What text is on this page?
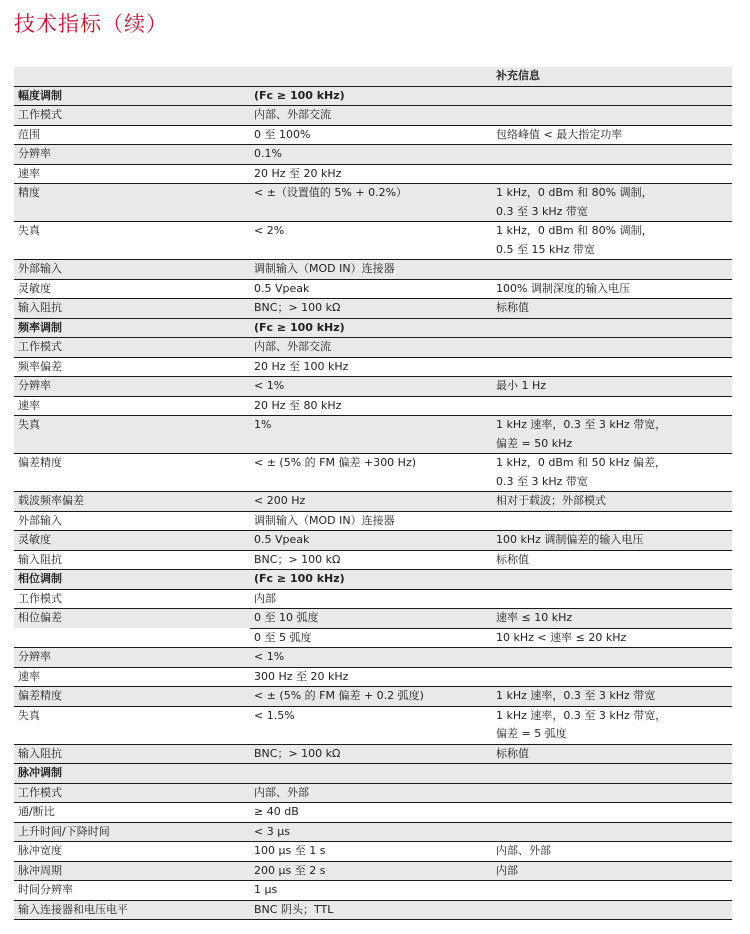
技术指标（续）
		补充信息
幅度调制	(Fc ≥ 100 kHz)	
工作模式	内部、外部交流	
范围	0 至 100%	包络峰值 < 最大指定功率
分辨率	0.1%	
速率	20 Hz 至 20 kHz	
精度	< ±（设置值的 5% + 0.2%）	1 kHz，0 dBm 和 80% 调制，
0.3 至 3 kHz 带宽
失真	< 2%	1 kHz，0 dBm 和 80% 调制，
0.5 至 15 kHz 带宽
外部输入	调制输入（MOD IN）连接器	
灵敏度	0.5 Vpeak	100% 调制深度的输入电压
输入阻抗	BNC；> 100 kΩ	标称值
频率调制	(Fc ≥ 100 kHz)	
工作模式	内部、外部交流	
频率偏差	20 Hz 至 100 kHz	
分辨率	< 1%	最小 1 Hz
速率	20 Hz 至 80 kHz	
失真	1%	1 kHz 速率，0.3 至 3 kHz 带宽，
偏差 = 50 kHz
偏差精度	< ± (5% 的 FM 偏差 +300 Hz)	1 kHz，0 dBm 和 50 kHz 偏差，
0.3 至 3 kHz 带宽
载波频率偏差	< 200 Hz	相对于载波；外部模式
外部输入	调制输入（MOD IN）连接器	
灵敏度	0.5 Vpeak	100 kHz 调制偏差的输入电压
输入阻抗	BNC；> 100 kΩ	标称值
相位调制	(Fc ≥ 100 kHz)	
工作模式	内部	
相位偏差	0 至 10 弧度	速率 ≤ 10 kHz
	0 至 5 弧度	10 kHz < 速率 ≤ 20 kHz
分辨率	< 1%	
速率	300 Hz 至 20 kHz	
偏差精度	< ± (5% 的 FM 偏差 + 0.2 弧度)	1 kHz 速率，0.3 至 3 kHz 带宽
失真	< 1.5%	1 kHz 速率，0.3 至 3 kHz 带宽，
偏差 = 5 弧度
输入阻抗	BNC；> 100 kΩ	标称值
脉冲调制		
工作模式	内部、外部	
通/断比	≥ 40 dB	
上升时间/下降时间	< 3 µs	
脉冲宽度	100 µs 至 1 s	内部、外部
脉冲周期	200 µs 至 2 s	内部
时间分辨率	1 µs	
输入连接器和电压电平	BNC 阴头；TTL	
